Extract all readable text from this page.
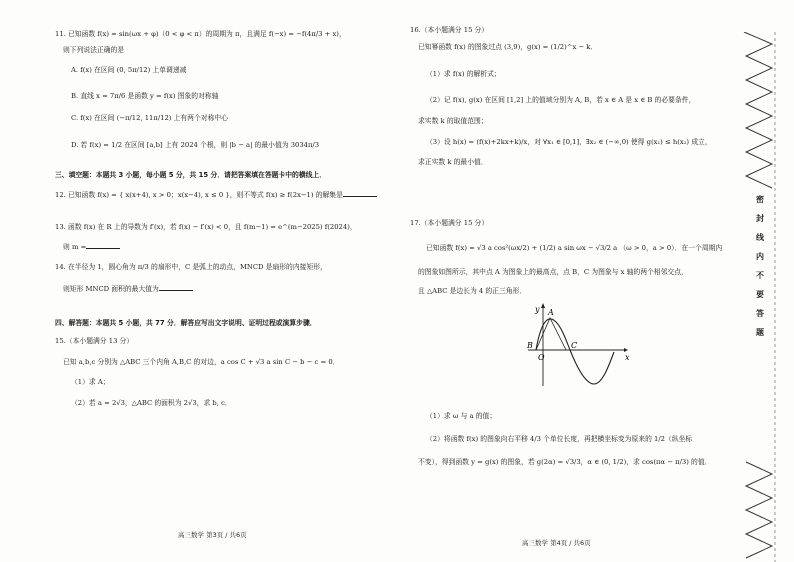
y A
B
O
C
x
高三数学 第3页 / 共6页
高三数学 第4页 / 共6页
密
封
线
内
不
要
答
题
11. 已知函数 f(x) = sin(ωx + φ)（0 < φ < π）的周期为 π，且满足 f(−x) = −f(4π/3 + x)，
则下列说法正确的是
A. f(x) 在区间 (0, 5π/12) 上单调递减
B. 直线 x = 7π/6 是函数 y = f(x) 图象的对称轴
C. f(x) 在区间 (−π/12, 11π/12) 上有两个对称中心
D. 若 f(x) = 1/2 在区间 [a,b] 上有 2024 个根，则 |b − a| 的最小值为 3034π/3
三、填空题：本题共 3 小题，每小题 5 分，共 15 分．请把答案填在答题卡中的横线上．
12. 已知函数 f(x) = { x(x+4), x > 0；x(x−4), x ≤ 0 }，则不等式 f(x) ≥ f(2x−1) 的解集是
13. 函数 f(x) 在 R 上的导数为 f′(x)，若 f(x) − f′(x) < 0，且 f(m−1) = e^(m−2025) f(2024)，
则 m =
14. 在半径为 1，圆心角为 π/3 的扇形中，C 是弧上的动点，MNCD 是扇形的内接矩形，
则矩形 MNCD 面积的最大值为
四、解答题：本题共 5 小题，共 77 分．解答应写出文字说明、证明过程或演算步骤．
15.（本小题满分 13 分）
已知 a,b,c 分别为 △ABC 三个内角 A,B,C 的对边，a cos C + √3 a sin C − b − c = 0．
（1）求 A；
（2）若 a = 2√3，△ABC 的面积为 2√3，求 b, c．
16.（本小题满分 15 分）
已知幂函数 f(x) 的图象过点 (3,9)，g(x) = (1/2)^x − k．
（1）求 f(x) 的解析式；
（2）记 f(x), g(x) 在区间 [1,2] 上的值域分别为 A, B，若 x ∈ A 是 x ∈ B 的必要条件，
求实数 k 的取值范围；
（3）设 h(x) = (f(x)+2kx+k)/x，对 ∀x₁ ∈ [0,1]，∃x₂ ∈ (−∞,0) 使得 g(x₁) ≤ h(x₂) 成立，
求正实数 k 的最小值．
17.（本小题满分 15 分）
已知函数 f(x) = √3 a cos²(ωx/2) + (1/2) a sin ωx − √3/2 a （ω > 0，a > 0）．在一个周期内
的图象如图所示，其中点 A 为图象上的最高点，点 B，C 为图象与 x 轴的两个相邻交点，
且 △ABC 是边长为 4 的正三角形．
（1）求 ω 与 a 的值；
（2）将函数 f(x) 的图象向右平移 4/3 个单位长度，再把横坐标变为原来的 1/2（纵坐标
不变），得到函数 y = g(x) 的图象，若 g(2α) = √3/3，α ∈ (0, 1/2)，求 cos(πα − π/3) 的值．
